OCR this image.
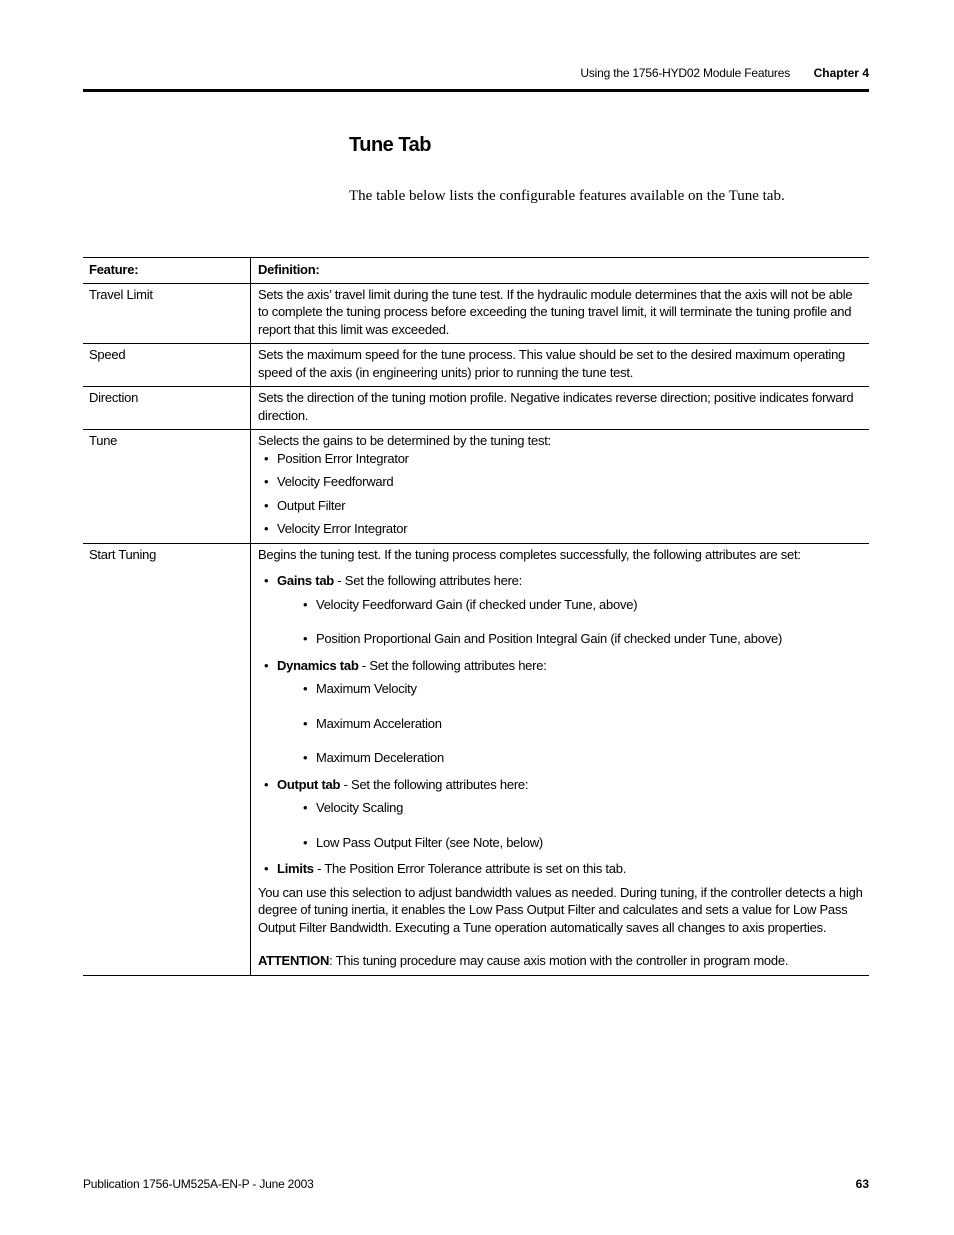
Using the 1756-HYD02 Module Features Chapter 4
Tune Tab
The table below lists the configurable features available on the Tune tab.
Feature:	Definition:
Travel Limit	Sets the axis’ travel limit during the tune test. If the hydraulic module determines that the axis will not be able to complete the tuning process before exceeding the tuning travel limit, it will terminate the tuning profile and report that this limit was exceeded.
Speed	Sets the maximum speed for the tune process. This value should be set to the desired maximum operating speed of the axis (in engineering units) prior to running the tune test.
Direction	Sets the direction of the tuning motion profile. Negative indicates reverse direction; positive indicates forward direction.
Tune	Selects the gains to be determined by the tuning test:
• Position Error Integrator
• Velocity Feedforward
• Output Filter
• Velocity Error Integrator
Start Tuning	Begins the tuning test. If the tuning process completes successfully, the following attributes are set:
• Gains tab - Set the following attributes here:
• Velocity Feedforward Gain (if checked under Tune, above)
• Position Proportional Gain and Position Integral Gain (if checked under Tune, above)
• Dynamics tab - Set the following attributes here:
• Maximum Velocity
• Maximum Acceleration
• Maximum Deceleration
• Output tab - Set the following attributes here:
• Velocity Scaling
• Low Pass Output Filter (see Note, below)
• Limits - The Position Error Tolerance attribute is set on this tab.
You can use this selection to adjust bandwidth values as needed. During tuning, if the controller detects a high degree of tuning inertia, it enables the Low Pass Output Filter and calculates and sets a value for Low Pass Output Filter Bandwidth. Executing a Tune operation automatically saves all changes to axis properties.
ATTENTION: This tuning procedure may cause axis motion with the controller in program mode.
Publication 1756-UM525A-EN-P - June 2003	63
